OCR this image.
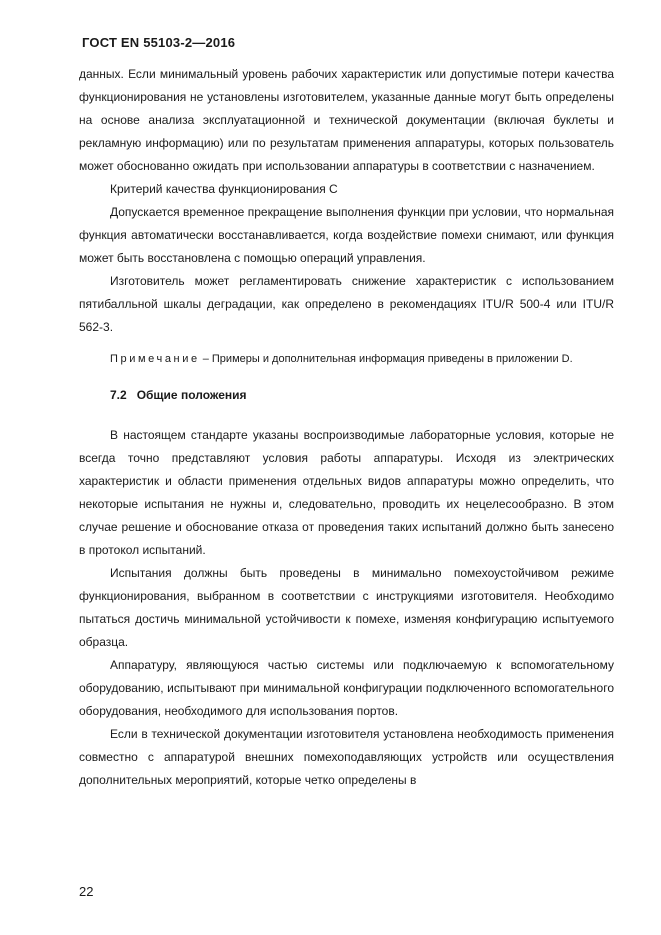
ГОСТ EN 55103-2—2016

данных. Если минимальный уровень рабочих характеристик или допустимые потери качества функционирования не установлены изготовителем, указанные данные могут быть определены на основе анализа эксплуатационной и технической документации (включая буклеты и рекламную информацию) или по результатам применения аппаратуры, которых пользователь может обоснованно ожидать при использовании аппаратуры в соответствии с назначением.

Критерий качества функционирования С

Допускается временное прекращение выполнения функции при условии, что нормальная функция автоматически восстанавливается, когда воздействие помехи снимают, или функция может быть восстановлена с помощью операций управления.

Изготовитель может регламентировать снижение характеристик с использованием пятибалльной шкалы деградации, как определено в рекомендациях ITU/R 500-4 или ITU/R 562-3.

Примечание – Примеры и дополнительная информация приведены в приложении D.

7.2 Общие положения

В настоящем стандарте указаны воспроизводимые лабораторные условия, которые не всегда точно представляют условия работы аппаратуры. Исходя из электрических характеристик и области применения отдельных видов аппаратуры можно определить, что некоторые испытания не нужны и, следовательно, проводить их нецелесообразно. В этом случае решение и обоснование отказа от проведения таких испытаний должно быть занесено в протокол испытаний.

Испытания должны быть проведены в минимально помехоустойчивом режиме функционирования, выбранном в соответствии с инструкциями изготовителя. Необходимо пытаться достичь минимальной устойчивости к помехе, изменяя конфигурацию испытуемого образца.

Аппаратуру, являющуюся частью системы или подключаемую к вспомогательному оборудованию, испытывают при минимальной конфигурации подключенного вспомогательного оборудования, необходимого для использования портов.

Если в технической документации изготовителя установлена необходимость применения совместно с аппаратурой внешних помехоподавляющих устройств или осуществления дополнительных мероприятий, которые четко определены в

22
